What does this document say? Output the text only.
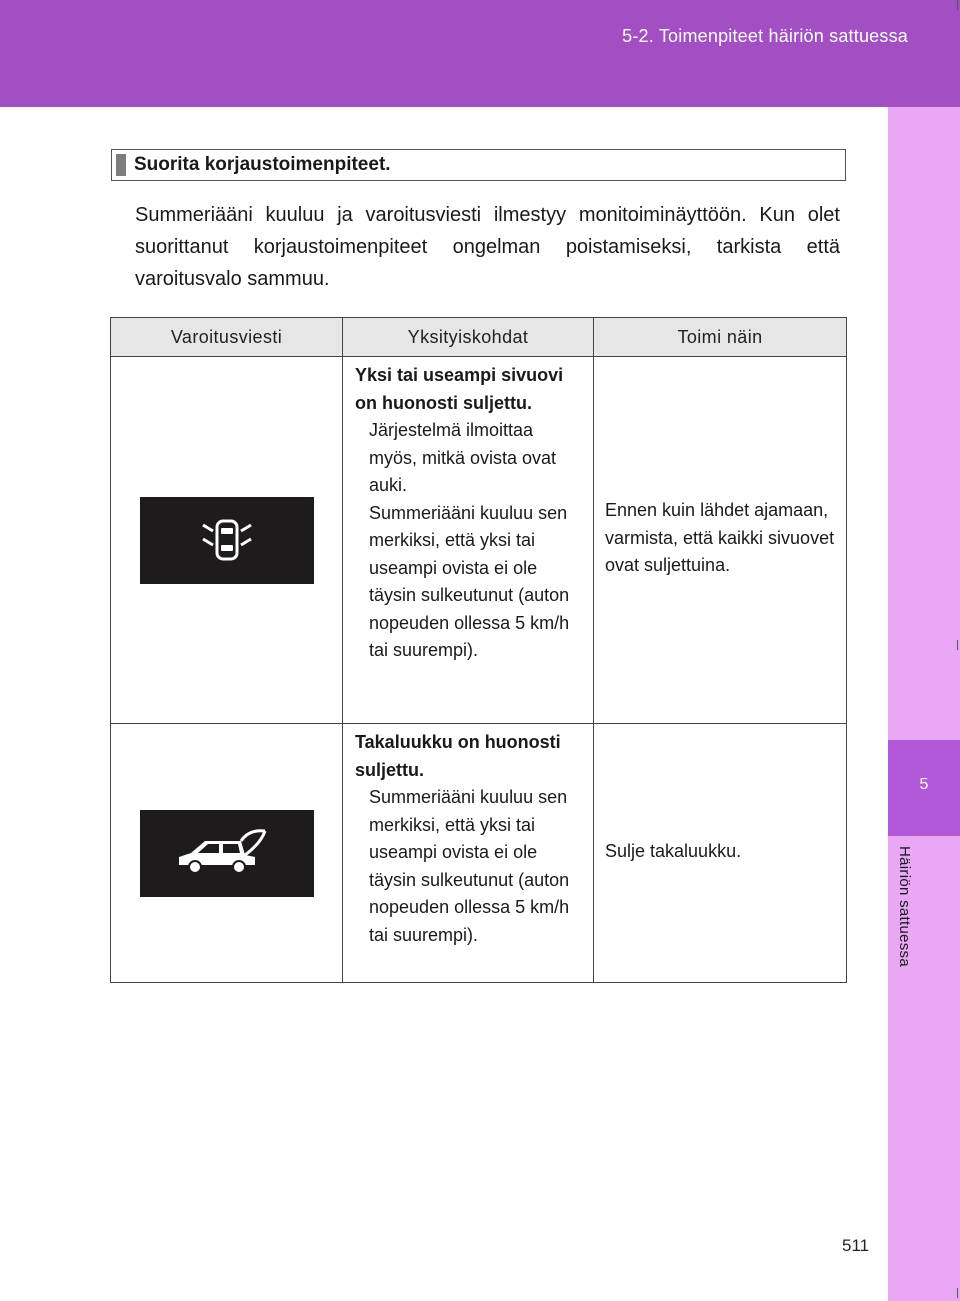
5-2. Toimenpiteet häiriön sattuessa
5
Häiriön sattuessa
Suorita korjaustoimenpiteet.

Summeriääni kuuluu ja varoitusviesti ilmestyy monitoiminäyttöön. Kun olet suorittanut korjaustoimenpiteet ongelman poistamiseksi, tarkista että varoitusvalo sammuu.

Varoitusviesti	Yksityiskohdat	Toimi näin

Yksi tai useampi sivuovi on huonosti suljettu.
Järjestelmä ilmoittaa myös, mitkä ovista ovat auki.
Summeriääni kuuluu sen merkiksi, että yksi tai useampi ovista ei ole täysin sulkeutunut (auton nopeuden ollessa 5 km/h tai suurempi).	Ennen kuin lähdet ajamaan, varmista, että kaikki sivuovet ovat suljettuina.

Takaluukku on huonosti suljettu.
Summeriääni kuuluu sen merkiksi, että yksi tai useampi ovista ei ole täysin sulkeutunut (auton nopeuden ollessa 5 km/h tai suurempi).	Sulje takaluukku.
511
